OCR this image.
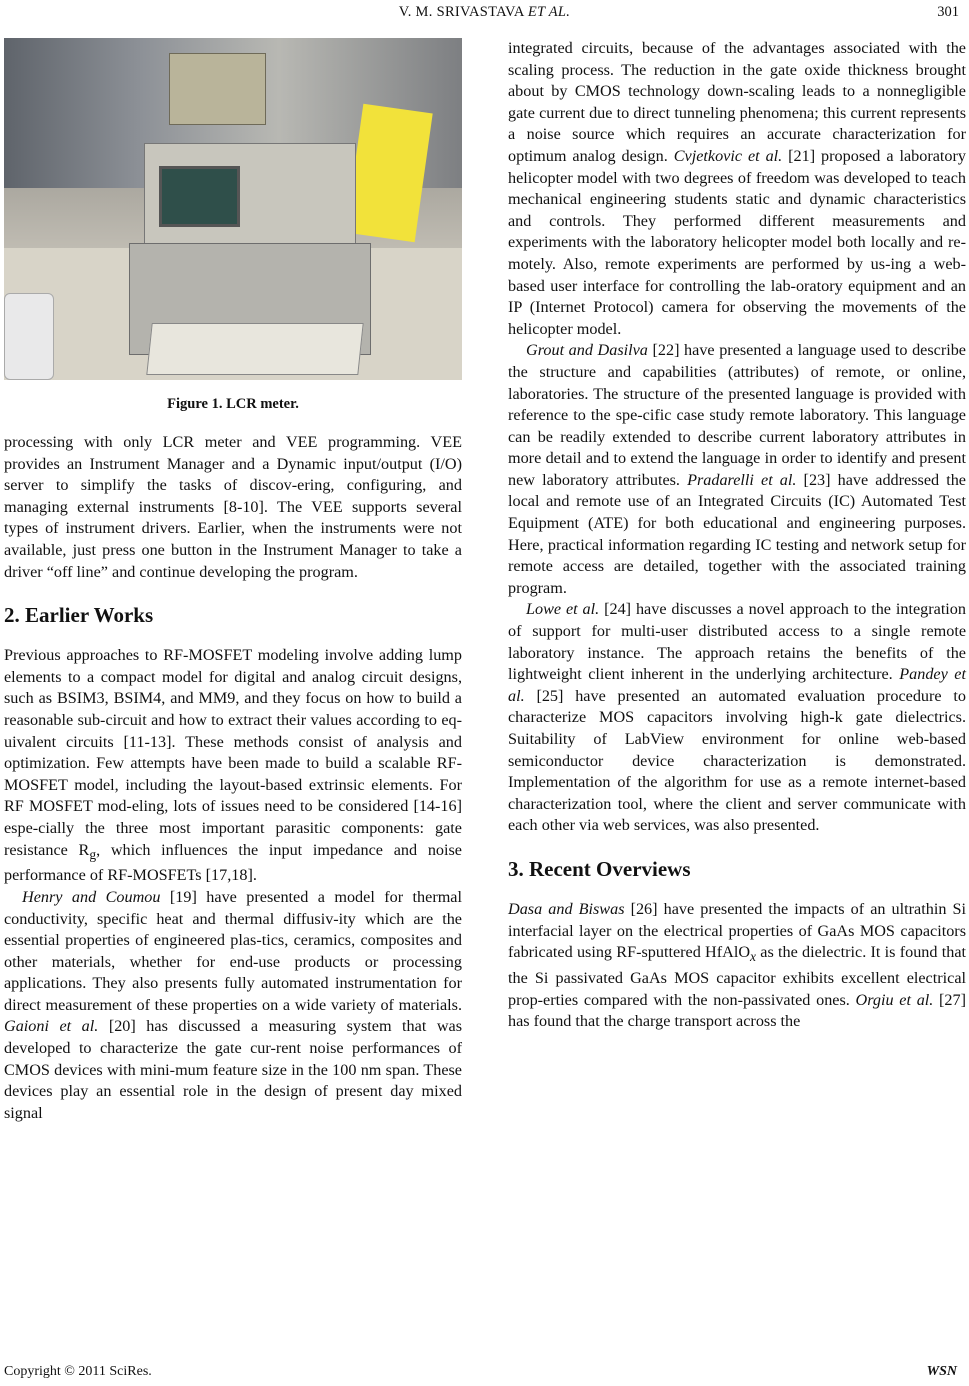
V. M. SRIVASTAVA ET AL.	301
Figure 1. LCR meter.

processing with only LCR meter and VEE programming. VEE provides an Instrument Manager and a Dynamic input/output (I/O) server to simplify the tasks of discov-ering, configuring, and managing external instruments [8-10]. The VEE supports several types of instrument drivers. Earlier, when the instruments were not available, just press one button in the Instrument Manager to take a driver “off line” and continue developing the program.

2. Earlier Works

Previous approaches to RF-MOSFET modeling involve adding lump elements to a compact model for digital and analog circuit designs, such as BSIM3, BSIM4, and MM9, and they focus on how to build a reasonable sub-circuit and how to extract their values according to eq-uivalent circuits [11-13]. These methods consist of analysis and optimization. Few attempts have been made to build a scalable RF-MOSFET model, including the layout-based extrinsic elements. For RF MOSFET mod-eling, lots of issues need to be considered [14-16] espe-cially the three most important parasitic components: gate resistance $R_g$, which influences the input impedance and noise performance of RF-MOSFETs [17,18].

Henry and Coumou [19] have presented a model for thermal conductivity, specific heat and thermal diffusiv-ity which are the essential properties of engineered plas-tics, ceramics, composites and other materials, whether for end-use products or processing applications. They also presents fully automated instrumentation for direct measurement of these properties on a wide variety of materials. Gaioni et al. [20] has discussed a measuring system that was developed to characterize the gate cur-rent noise performances of CMOS devices with mini-mum feature size in the 100 nm span. These devices play an essential role in the design of present day mixed signal

integrated circuits, because of the advantages associated with the scaling process. The reduction in the gate oxide thickness brought about by CMOS technology down-scaling leads to a nonnegligible gate current due to direct tunneling phenomena; this current represents a noise source which requires an accurate characterization for optimum analog design. Cvjetkovic et al. [21] proposed a laboratory helicopter model with two degrees of freedom was developed to teach mechanical engineering students static and dynamic characteristics and controls. They performed different measurements and experiments with the laboratory helicopter model both locally and re-motely. Also, remote experiments are performed by us-ing a web-based user interface for controlling the lab-oratory equipment and an IP (Internet Protocol) camera for observing the movements of the helicopter model.

Grout and Dasilva [22] have presented a language used to describe the structure and capabilities (attributes) of remote, or online, laboratories. The structure of the presented language is provided with reference to the spe-cific case study remote laboratory. This language can be readily extended to describe current laboratory attributes in more detail and to extend the language in order to identify and present new laboratory attributes. Pradarelli et al. [23] have addressed the local and remote use of an Integrated Circuits (IC) Automated Test Equipment (ATE) for both educational and engineering purposes. Here, practical information regarding IC testing and network setup for remote access are detailed, together with the associated training program.

Lowe et al. [24] have discusses a novel approach to the integration of support for multi-user distributed access to a single remote laboratory instance. The approach retains the benefits of the lightweight client inherent in the underlying architecture. Pandey et al. [25] have presented an automated evaluation procedure to characterize MOS capacitors involving high-k gate dielectrics. Suitability of LabView environment for online web-based semiconductor device characterization is demonstrated. Implementation of the algorithm for use as a remote internet-based characterization tool, where the client and server communicate with each other via web services, was also presented.

3. Recent Overviews

Dasa and Biswas [26] have presented the impacts of an ultrathin Si interfacial layer on the electrical properties of GaAs MOS capacitors fabricated using RF-sputtered HfAlO$_x$ as the dielectric. It is found that the Si passivated GaAs MOS capacitor exhibits excellent electrical prop-erties compared with the non-passivated ones. Orgiu et al. [27] has found that the charge transport across the

Copyright © 2011 SciRes.	WSN
